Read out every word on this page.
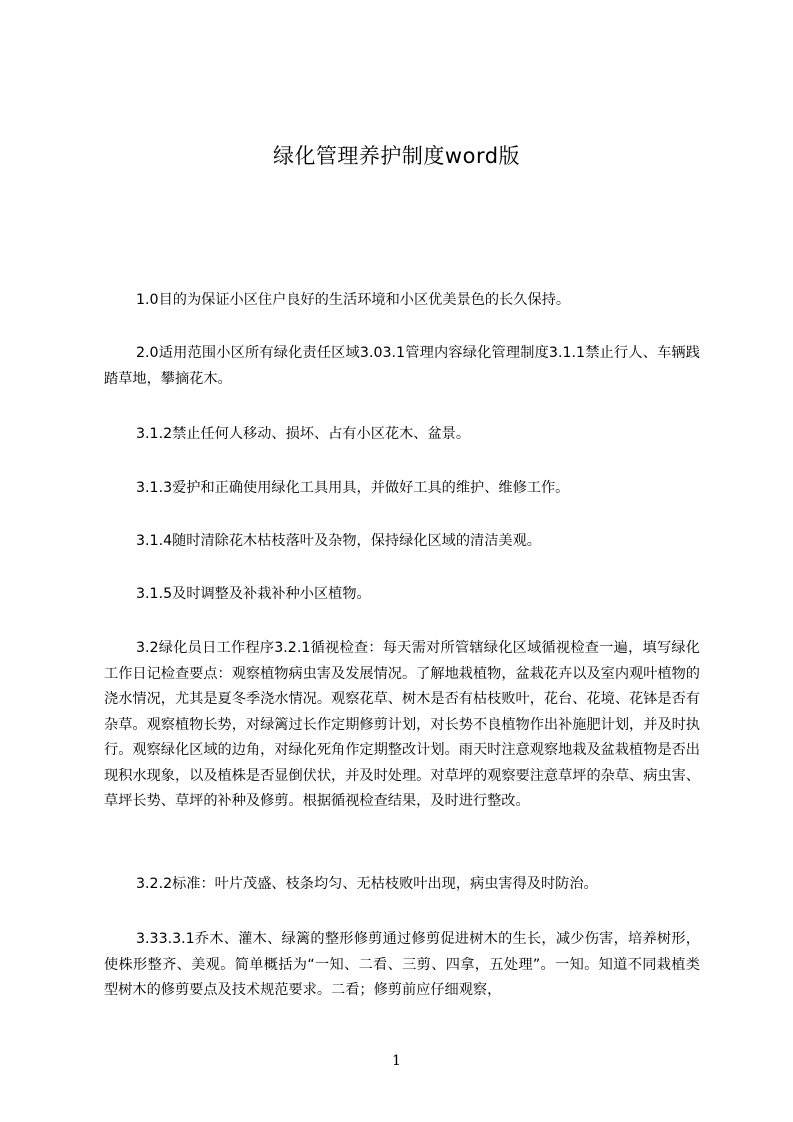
绿化管理养护制度word版
1.0目的为保证小区住户良好的生活环境和小区优美景色的长久保持。
2.0适用范围小区所有绿化责任区域3.03.1管理内容绿化管理制度3.1.1禁止行人、车辆践踏草地，攀摘花木。
3.1.2禁止任何人移动、损坏、占有小区花木、盆景。
3.1.3爱护和正确使用绿化工具用具，并做好工具的维护、维修工作。
3.1.4随时清除花木枯枝落叶及杂物，保持绿化区域的清洁美观。
3.1.5及时调整及补栽补种小区植物。
3.2绿化员日工作程序3.2.1循视检查：每天需对所管辖绿化区域循视检查一遍，填写绿化工作日记检查要点：观察植物病虫害及发展情况。了解地栽植物，盆栽花卉以及室内观叶植物的浇水情况，尤其是夏冬季浇水情况。观察花草、树木是否有枯枝败叶，花台、花境、花钵是否有杂草。观察植物长势，对绿篱过长作定期修剪计划，对长势不良植物作出补施肥计划，并及时执行。观察绿化区域的边角，对绿化死角作定期整改计划。雨天时注意观察地栽及盆栽植物是否出现积水现象，以及植株是否显倒伏状，并及时处理。对草坪的观察要注意草坪的杂草、病虫害、草坪长势、草坪的补种及修剪。根据循视检查结果，及时进行整改。
3.2.2标准：叶片茂盛、枝条均匀、无枯枝败叶出现，病虫害得及时防治。
3.33.3.1乔木、灌木、绿篱的整形修剪通过修剪促进树木的生长，减少伤害，培养树形，使株形整齐、美观。简单概括为“一知、二看、三剪、四拿，五处理”。一知。知道不同栽植类型树木的修剪要点及技术规范要求。二看；修剪前应仔细观察，
1
